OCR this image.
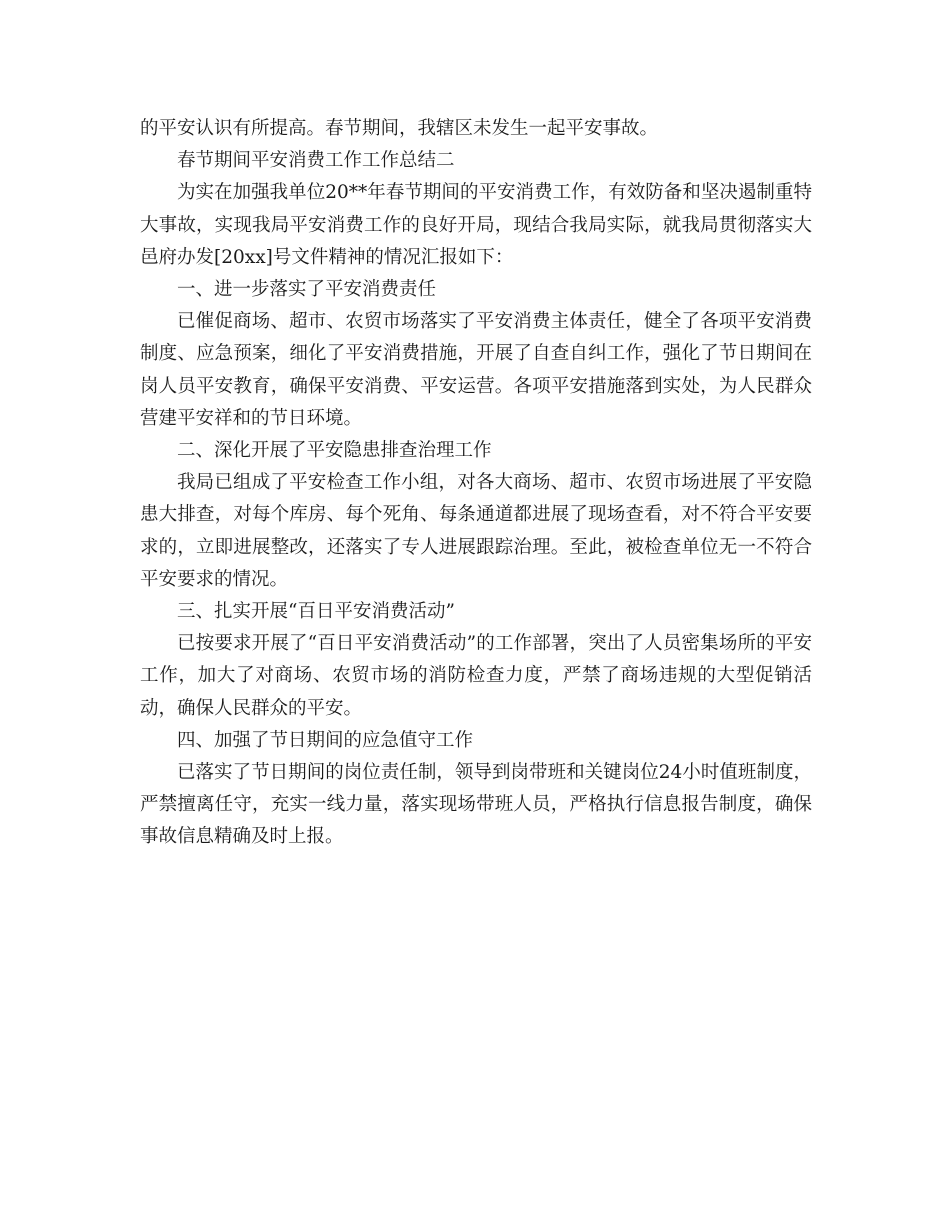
的平安认识有所提高。春节期间，我辖区未发生一起平安事故。

春节期间平安消费工作工作总结二

为实在加强我单位20**年春节期间的平安消费工作，有效防备和坚决遏制重特大事故，实现我局平安消费工作的良好开局，现结合我局实际，就我局贯彻落实大邑府办发[20xx]号文件精神的情况汇报如下：

一、进一步落实了平安消费责任

已催促商场、超市、农贸市场落实了平安消费主体责任，健全了各项平安消费制度、应急预案，细化了平安消费措施，开展了自查自纠工作，强化了节日期间在岗人员平安教育，确保平安消费、平安运营。各项平安措施落到实处，为人民群众营建平安祥和的节日环境。

二、深化开展了平安隐患排查治理工作

我局已组成了平安检查工作小组，对各大商场、超市、农贸市场进展了平安隐患大排查，对每个库房、每个死角、每条通道都进展了现场查看，对不符合平安要求的，立即进展整改，还落实了专人进展跟踪治理。至此，被检查单位无一不符合平安要求的情况。

三、扎实开展“百日平安消费活动”

已按要求开展了“百日平安消费活动”的工作部署，突出了人员密集场所的平安工作，加大了对商场、农贸市场的消防检查力度，严禁了商场违规的大型促销活动，确保人民群众的平安。

四、加强了节日期间的应急值守工作

已落实了节日期间的岗位责任制，领导到岗带班和关键岗位24小时值班制度，严禁擅离任守，充实一线力量，落实现场带班人员，严格执行信息报告制度，确保事故信息精确及时上报。
